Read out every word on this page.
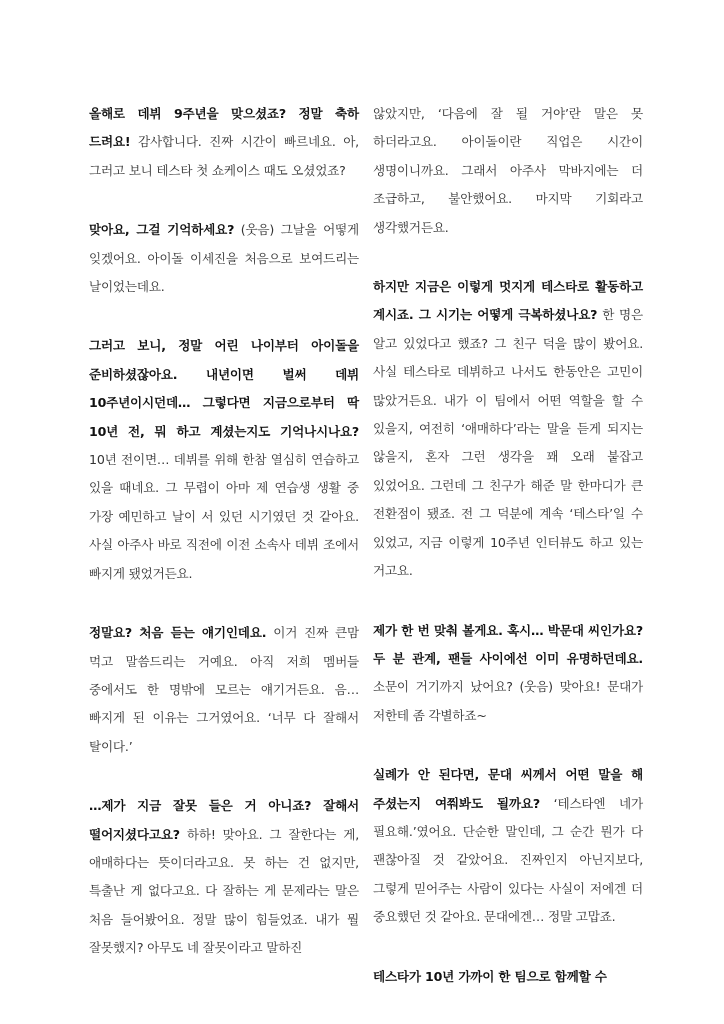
올해로 데뷔 9주년을 맞으셨죠? 정말 축하 드려요! 감사합니다. 진짜 시간이 빠르네요. 아, 그러고 보니 테스타 첫 쇼케이스 때도 오셨었죠?

맞아요, 그걸 기억하세요? (웃음) 그날을 어떻게 잊겠어요. 아이돌 이세진을 처음으로 보여드리는 날이었는데요.

그러고 보니, 정말 어린 나이부터 아이돌을 준비하셨잖아요. 내년이면 벌써 데뷔 10주년이시던데… 그렇다면 지금으로부터 딱 10년 전, 뭐 하고 계셨는지도 기억나시나요? 10년 전이면… 데뷔를 위해 한참 열심히 연습하고 있을 때네요. 그 무렵이 아마 제 연습생 생활 중 가장 예민하고 날이 서 있던 시기였던 것 같아요. 사실 아주사 바로 직전에 이전 소속사 데뷔 조에서 빠지게 됐었거든요.

정말요? 처음 듣는 얘기인데요. 이거 진짜 큰맘 먹고 말씀드리는 거예요. 아직 저희 멤버들 중에서도 한 명밖에 모르는 얘기거든요. 음… 빠지게 된 이유는 그거였어요. ‘너무 다 잘해서 탈이다.’

…제가 지금 잘못 들은 거 아니죠? 잘해서 떨어지셨다고요? 하하! 맞아요. 그 잘한다는 게, 애매하다는 뜻이더라고요. 못 하는 건 없지만, 특출난 게 없다고요. 다 잘하는 게 문제라는 말은 처음 들어봤어요. 정말 많이 힘들었죠. 내가 뭘 잘못했지? 아무도 네 잘못이라고 말하진

않았지만, ‘다음에 잘 될 거야’란 말은 못 하더라고요. 아이돌이란 직업은 시간이 생명이니까요. 그래서 아주사 막바지에는 더 조급하고, 불안했어요. 마지막 기회라고 생각했거든요.

하지만 지금은 이렇게 멋지게 테스타로 활동하고 계시죠. 그 시기는 어떻게 극복하셨나요? 한 명은 알고 있었다고 했죠? 그 친구 덕을 많이 봤어요. 사실 테스타로 데뷔하고 나서도 한동안은 고민이 많았거든요. 내가 이 팀에서 어떤 역할을 할 수 있을지, 여전히 ‘애매하다’라는 말을 듣게 되지는 않을지, 혼자 그런 생각을 꽤 오래 붙잡고 있었어요. 그런데 그 친구가 해준 말 한마디가 큰 전환점이 됐죠. 전 그 덕분에 계속 ‘테스타’일 수 있었고, 지금 이렇게 10주년 인터뷰도 하고 있는 거고요.

제가 한 번 맞춰 볼게요. 혹시… 박문대 씨인가요? 두 분 관계, 팬들 사이에선 이미 유명하던데요. 소문이 거기까지 났어요? (웃음) 맞아요! 문대가 저한테 좀 각별하죠~

실례가 안 된다면, 문대 씨께서 어떤 말을 해 주셨는지 여쭤봐도 될까요? ‘테스타엔 네가 필요해.’였어요. 단순한 말인데, 그 순간 뭔가 다 괜찮아질 것 같았어요. 진짜인지 아닌지보다, 그렇게 믿어주는 사람이 있다는 사실이 저에겐 더 중요했던 것 같아요. 문대에겐… 정말 고맙죠.

테스타가 10년 가까이 한 팀으로 함께할 수
